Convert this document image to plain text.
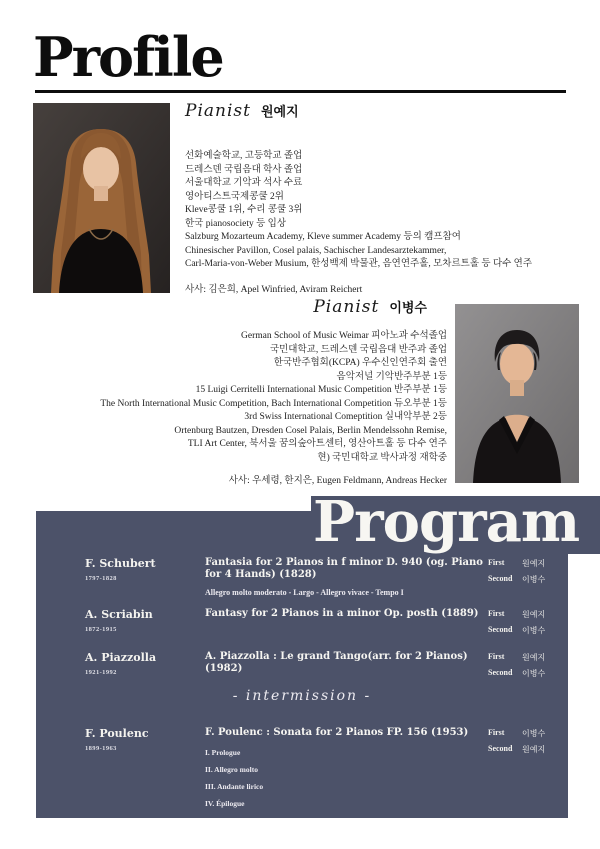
Profile
Pianist 원예지
선화예술학교, 고등학교 졸업
드레스덴 국립음대 학사 졸업
서울대학교 기악과 석사 수료
영아티스트국제콩쿨 2위
Kleve콩쿨 1위, 수리 콩쿨 3위
한국 pianosociety 등 입상
Salzburg Mozarteum Academy, Kleve summer Academy 등의 캠프참여
Chinesischer Pavillon, Cosel palais, Sachischer Landesarztekammer,
Carl-Maria-von-Weber Musium, 한성백제 박물관, 음연연주홀, 모차르트홀 등 다수 연주
사사: 김은희, Apel Winfried, Aviram Reichert
Pianist 이병수
German School of Music Weimar 피아노과 수석졸업
국민대학교, 드레스덴 국립음대 반주과 졸업
한국반주협회(KCPA) 우수신인연주회 출연
음악저널 기악반주부분 1등
15 Luigi Cerritelli International Music Competition 반주부분 1등
The North International Music Competition, Bach International Competition 듀오부분 1등
3rd Swiss International Comeptition 실내악부분 2등
Ortenburg Bautzen, Dresden Cosel Palais, Berlin Mendelssohn Remise,
TLI Art Center, 북서울 꿈의숲아트센터, 영산아트홀 등 다수 연주
현) 국민대학교 박사과정 재학중
사사: 우세령, 한지은, Eugen Feldmann, Andreas Hecker
F. Schubert
1797-1828
Fantasia for 2 Pianos in f minor D. 940 (og. Piano for 4 Hands) (1828)
Allegro molto moderato - Largo - Allegro vivace - Tempo I
First	원예지
Second	이병수
A. Scriabin
1872-1915
Fantasy for 2 Pianos in a minor Op. posth (1889)	First	원예지
Second	이병수
A. Piazzolla
1921-1992
A. Piazzolla : Le grand Tango(arr. for 2 Pianos) (1982)
First	원예지
Second	이병수
- intermission -
F. Poulenc
1899-1963
F. Poulenc : Sonata for 2 Pianos FP. 156 (1953)
I. Prologue
II. Allegro molto
III. Andante lirico
IV. Épilogue
First	이병수
Second	원예지
Program
